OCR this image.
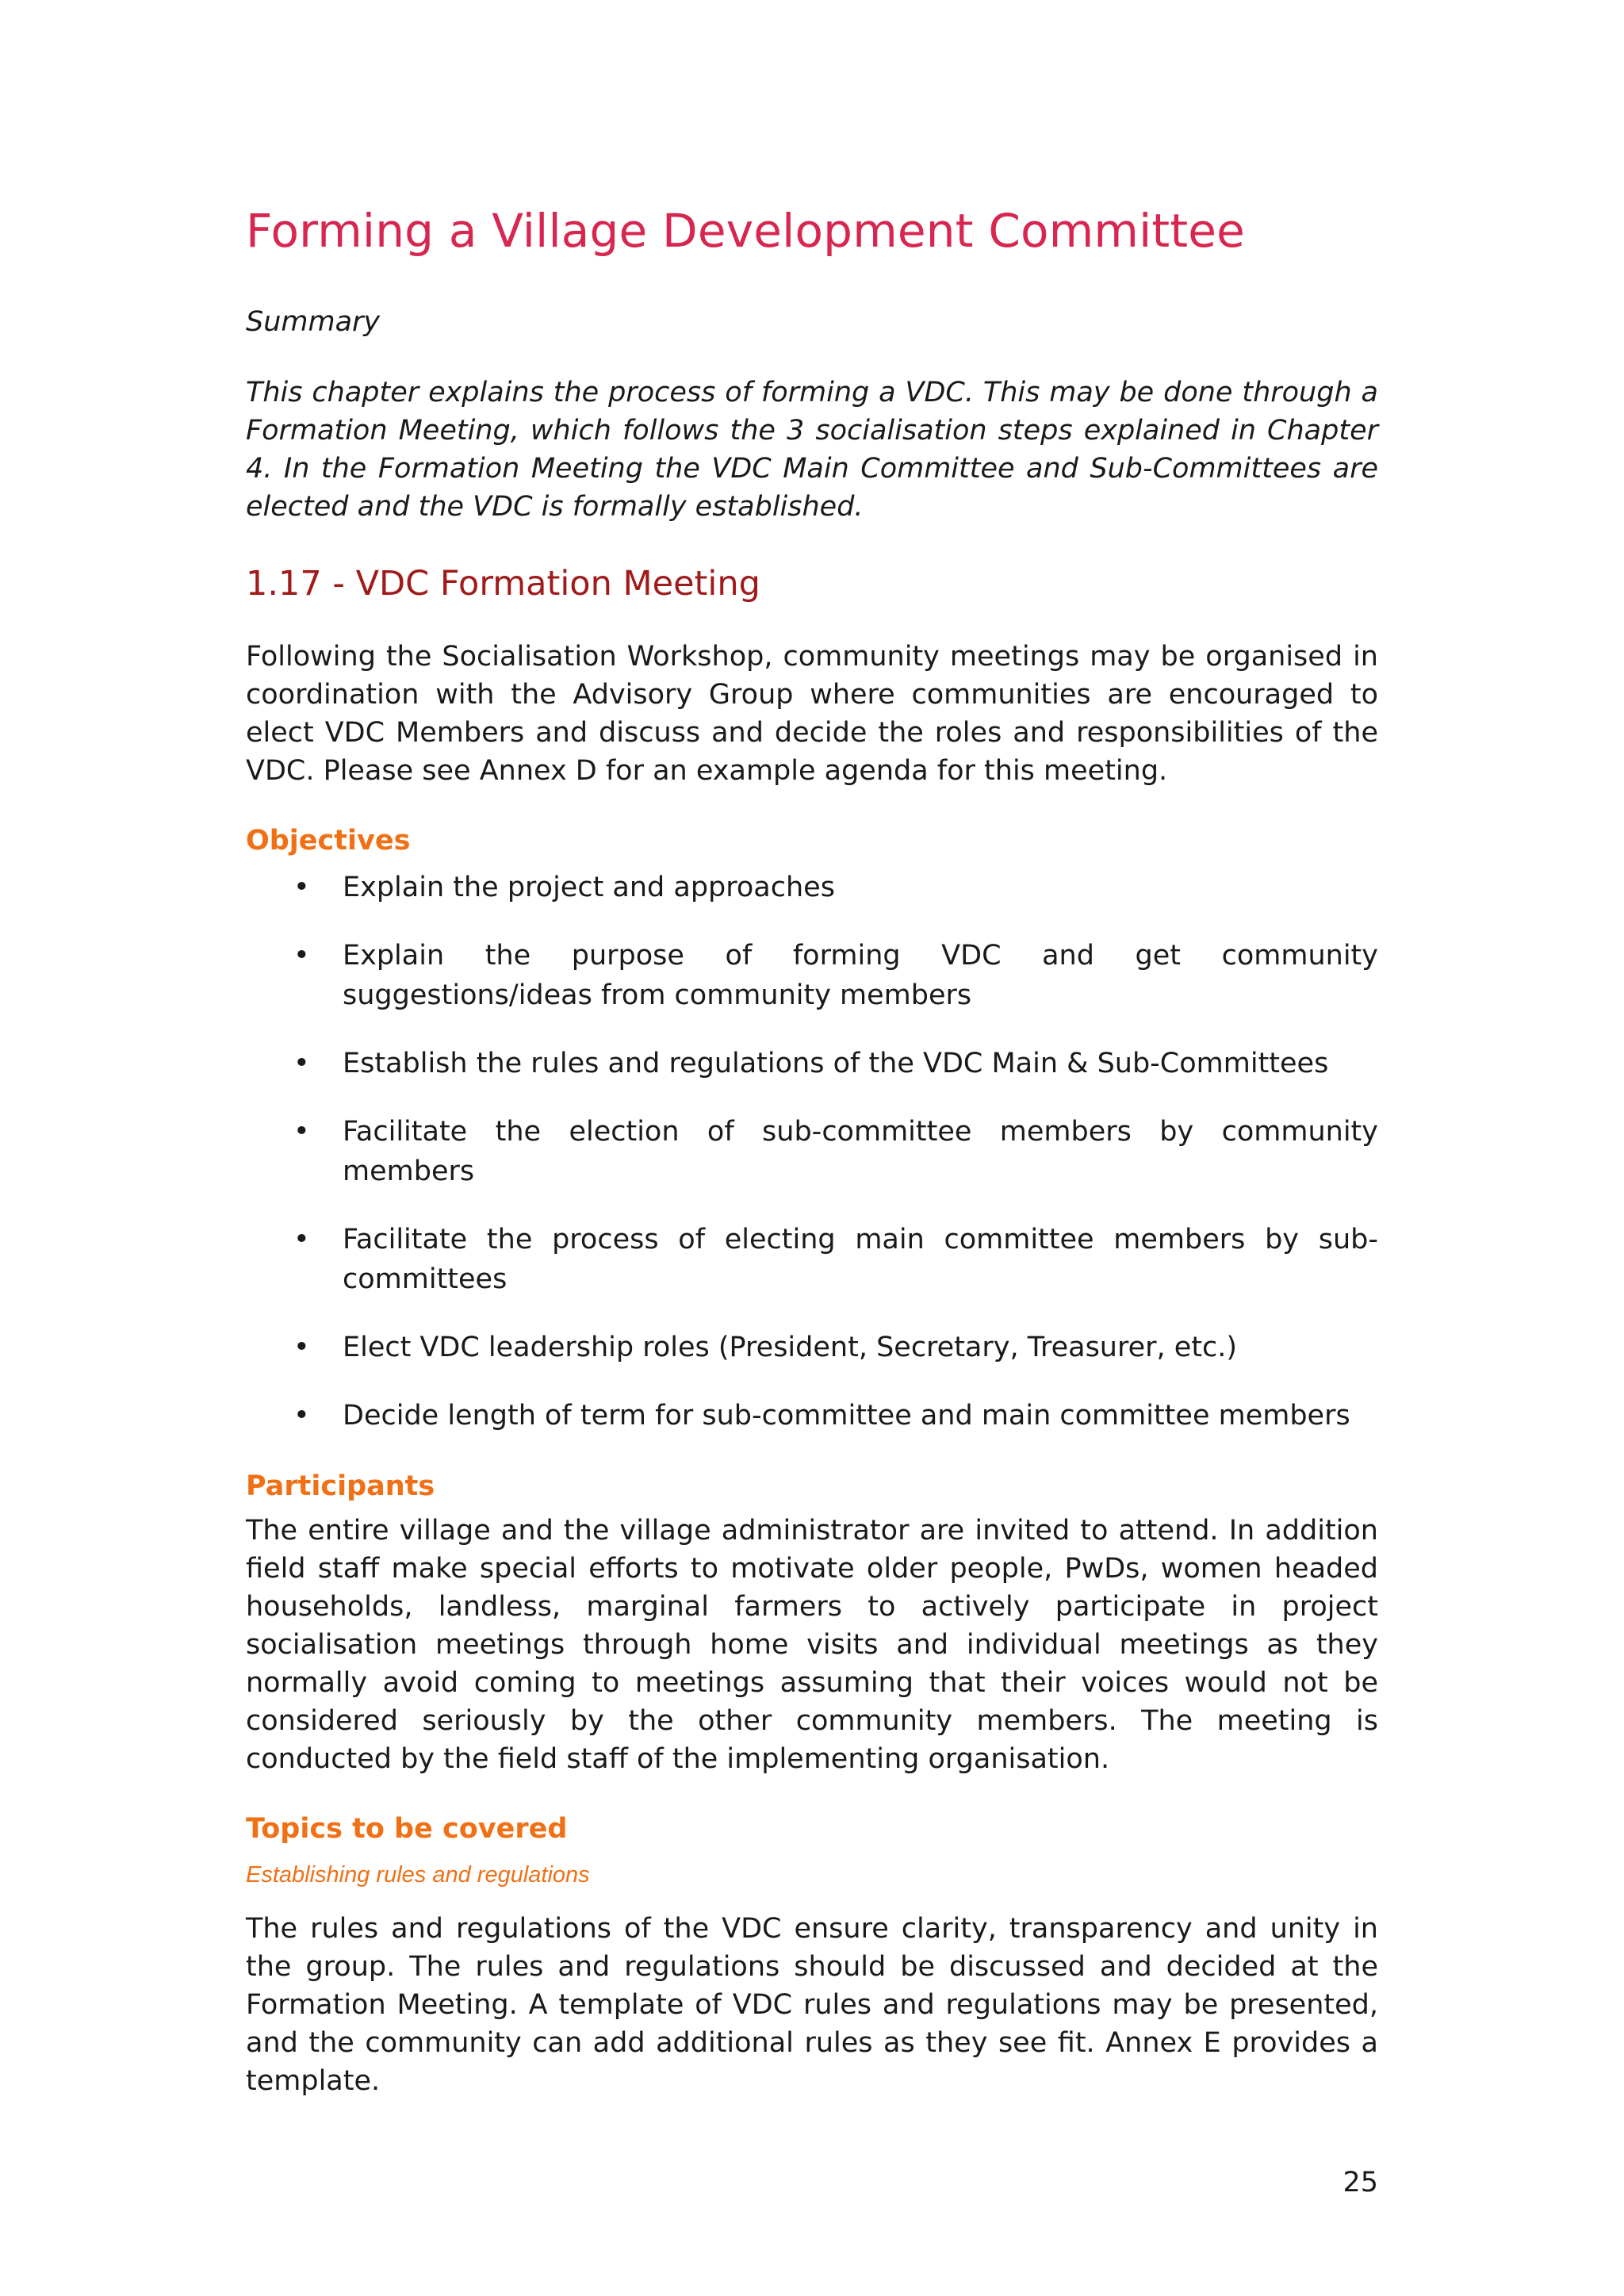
Forming a Village Development Committee

Summary

This chapter explains the process of forming a VDC. This may be done through a Formation Meeting, which follows the 3 socialisation steps explained in Chapter 4. In the Formation Meeting the VDC Main Committee and Sub-Committees are elected and the VDC is formally established.

1.17 - VDC Formation Meeting

Following the Socialisation Workshop, community meetings may be organised in coordination with the Advisory Group where communities are encouraged to elect VDC Members and discuss and decide the roles and responsibilities of the VDC. Please see Annex D for an example agenda for this meeting.

Objectives
• Explain the project and approaches
• Explain the purpose of forming VDC and get community suggestions/ideas from community members
• Establish the rules and regulations of the VDC Main & Sub-Committees
• Facilitate the election of sub-committee members by community members
• Facilitate the process of electing main committee members by sub-committees
• Elect VDC leadership roles (President, Secretary, Treasurer, etc.)
• Decide length of term for sub-committee and main committee members
Participants

The entire village and the village administrator are invited to attend. In addition field staff make special efforts to motivate older people, PwDs, women headed households, landless, marginal farmers to actively participate in project socialisation meetings through home visits and individual meetings as they normally avoid coming to meetings assuming that their voices would not be considered seriously by the other community members. The meeting is conducted by the field staff of the implementing organisation.

Topics to be covered

Establishing rules and regulations

The rules and regulations of the VDC ensure clarity, transparency and unity in the group. The rules and regulations should be discussed and decided at the Formation Meeting. A template of VDC rules and regulations may be presented, and the community can add additional rules as they see fit. Annex E provides a template.

25
